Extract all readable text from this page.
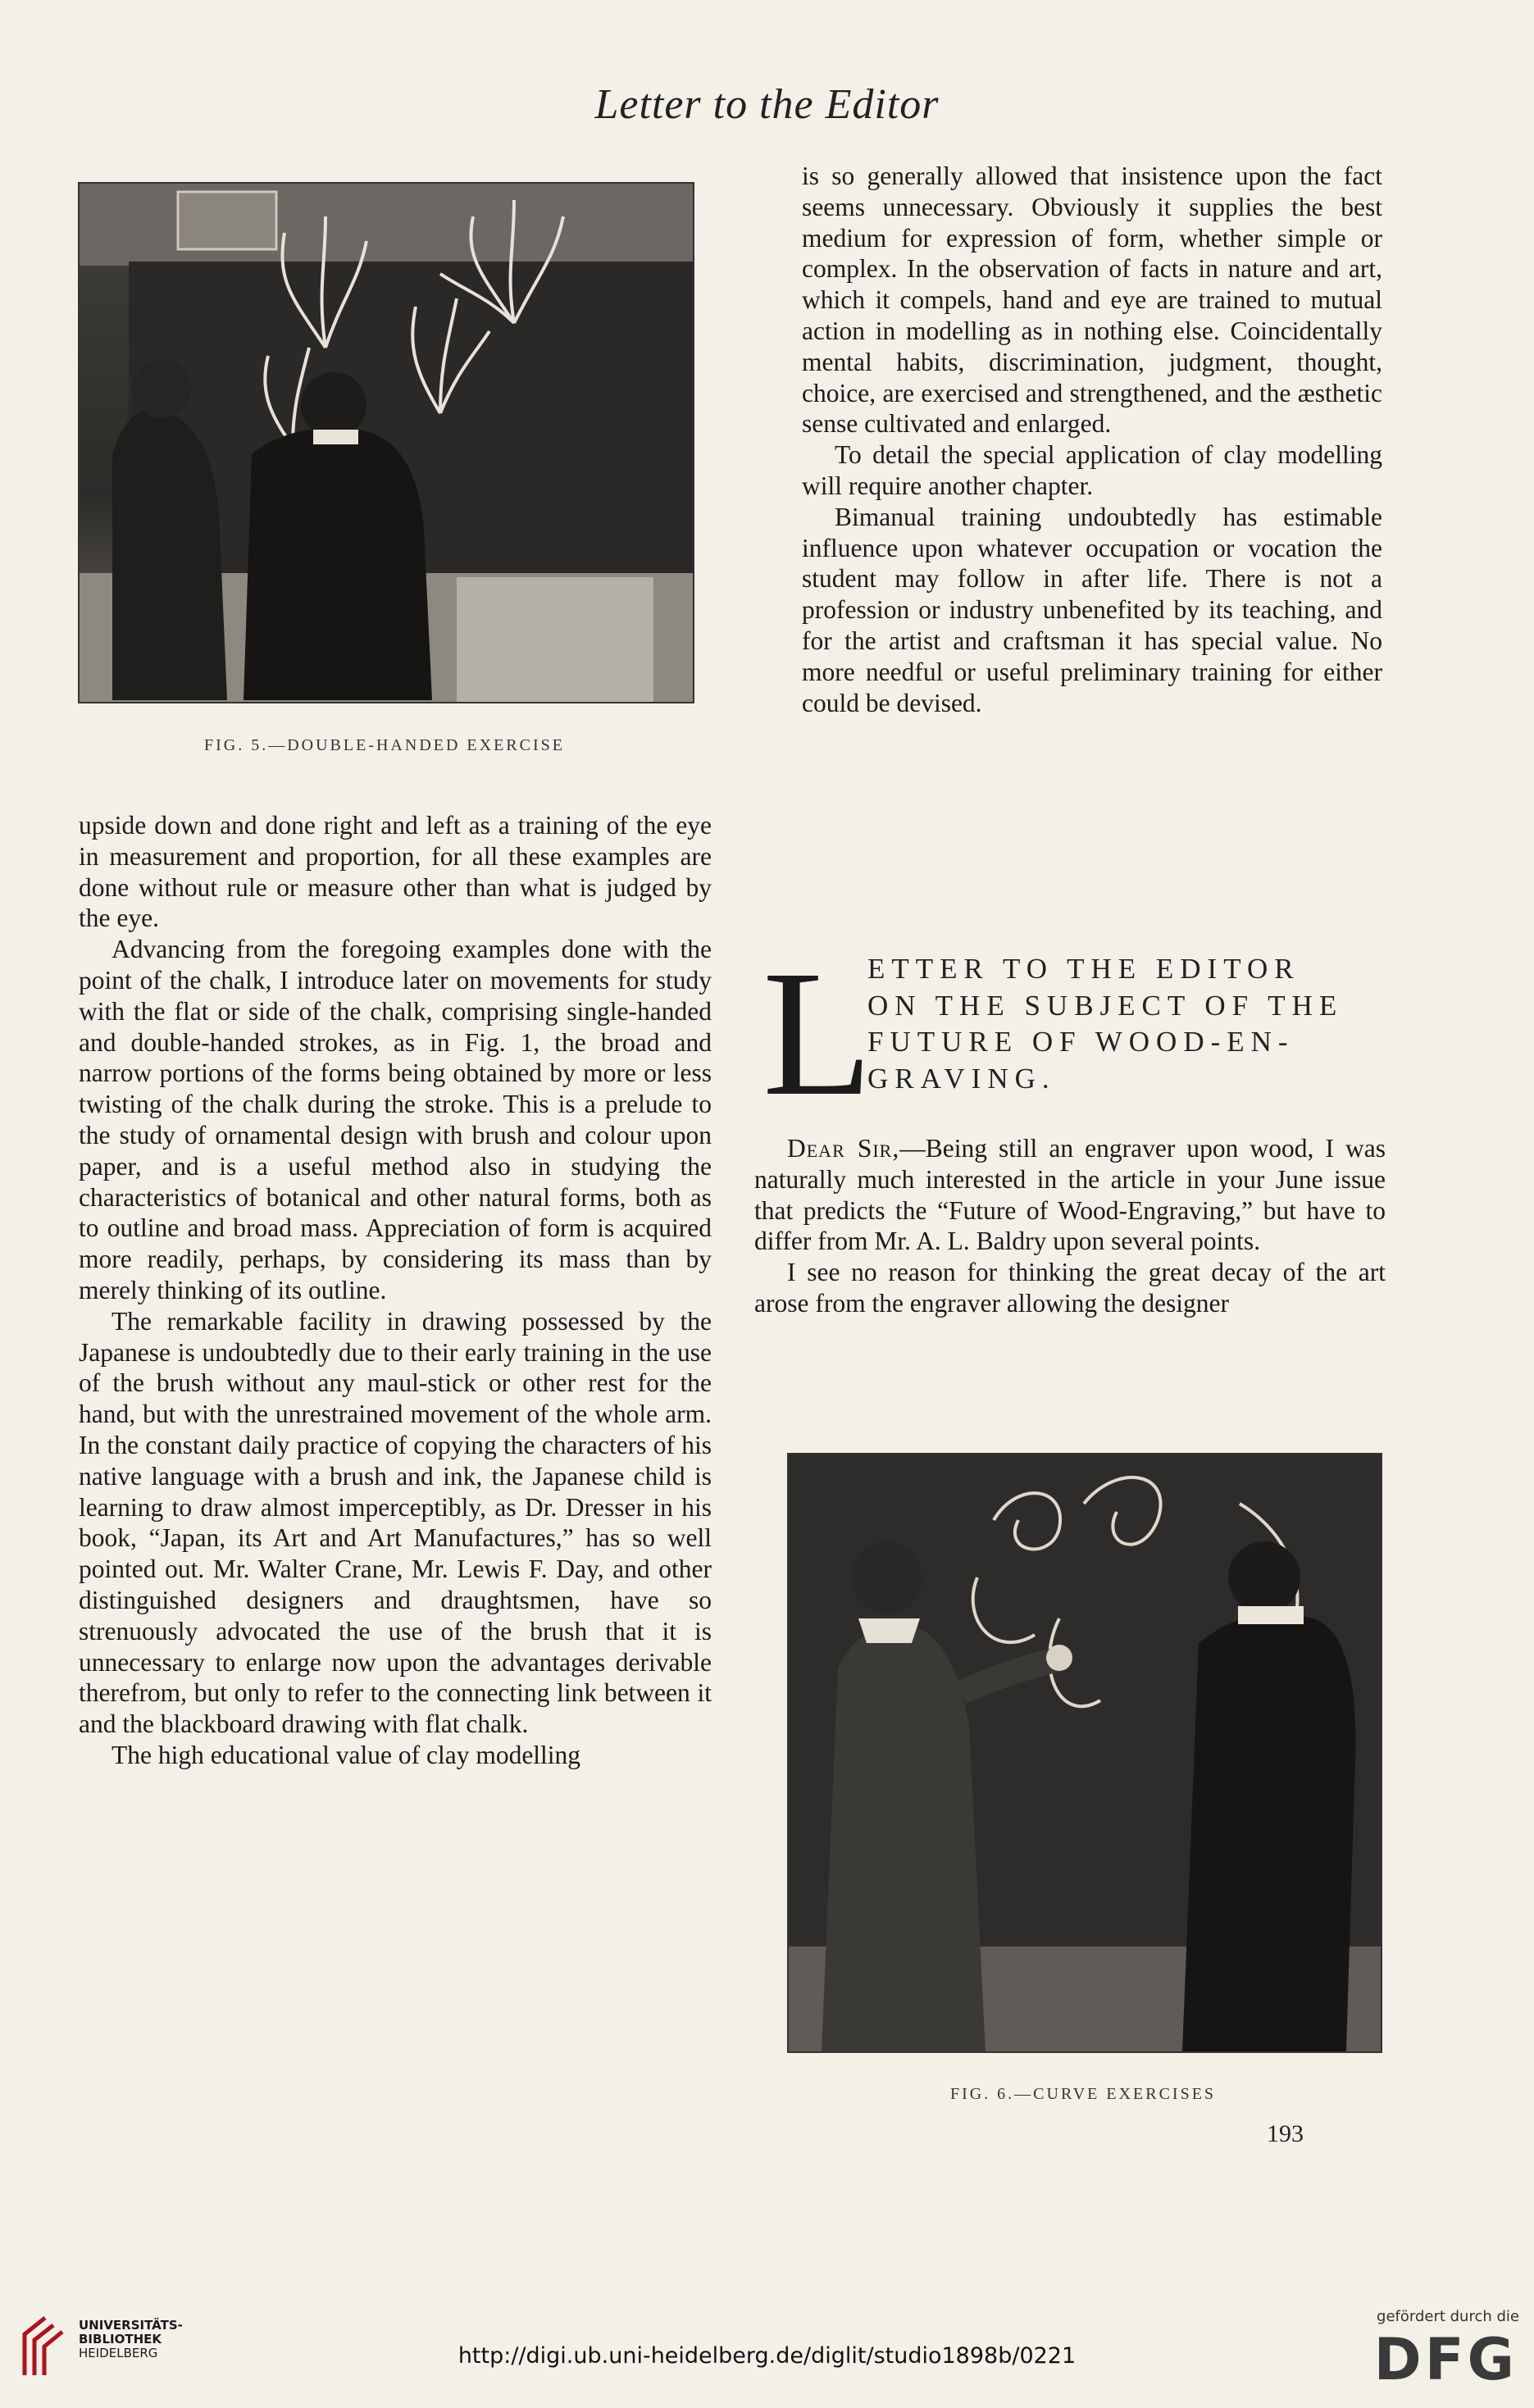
Letter to the Editor
FIG. 5.—DOUBLE-HANDED EXERCISE

upside down and done right and left as a training of the eye in measurement and proportion, for all these examples are done without rule or measure other than what is judged by the eye.

Advancing from the foregoing examples done with the point of the chalk, I introduce later on movements for study with the flat or side of the chalk, comprising single-handed and double-handed strokes, as in Fig. 1, the broad and narrow portions of the forms being obtained by more or less twisting of the chalk during the stroke. This is a prelude to the study of ornamental design with brush and colour upon paper, and is a useful method also in studying the characteristics of botanical and other natural forms, both as to outline and broad mass. Appreciation of form is acquired more readily, perhaps, by considering its mass than by merely thinking of its outline.

The remarkable facility in drawing possessed by the Japanese is undoubtedly due to their early training in the use of the brush without any maul-stick or other rest for the hand, but with the unrestrained movement of the whole arm. In the constant daily practice of copying the characters of his native language with a brush and ink, the Japanese child is learning to draw almost imperceptibly, as Dr. Dresser in his book, “Japan, its Art and Art Manufactures,” has so well pointed out. Mr. Walter Crane, Mr. Lewis F. Day, and other distinguished designers and draughtsmen, have so strenuously advocated the use of the brush that it is unnecessary to enlarge now upon the advantages derivable therefrom, but only to refer to the connecting link between it and the blackboard drawing with flat chalk.

The high educational value of clay modelling

is so generally allowed that insistence upon the fact seems unnecessary. Obviously it supplies the best medium for expression of form, whether simple or complex. In the observation of facts in nature and art, which it compels, hand and eye are trained to mutual action in modelling as in nothing else. Coincidentally mental habits, discrimination, judgment, thought, choice, are exercised and strengthened, and the æsthetic sense cultivated and enlarged.

To detail the special application of clay modelling will require another chapter.

Bimanual training undoubtedly has estimable influence upon whatever occupation or vocation the student may follow in after life. There is not a profession or industry unbenefited by its teaching, and for the artist and craftsman it has special value. No more needful or useful preliminary training for either could be devised.

L
ETTER TO THE EDITOR
ON THE SUBJECT OF THE
FUTURE OF WOOD-EN-
GRAVING.

Dear Sir,—Being still an engraver upon wood, I was naturally much interested in the article in your June issue that predicts the “Future of Wood-Engraving,” but have to differ from Mr. A. L. Baldry upon several points.

I see no reason for thinking the great decay of the art arose from the engraver allowing the designer

FIG. 6.—CURVE EXERCISES
193
UNIVERSITÄTS-
BIBLIOTHEK
HEIDELBERG	http://digi.ub.uni-heidelberg.de/diglit/studio1898b/0221
gefördert durch die
DFG
